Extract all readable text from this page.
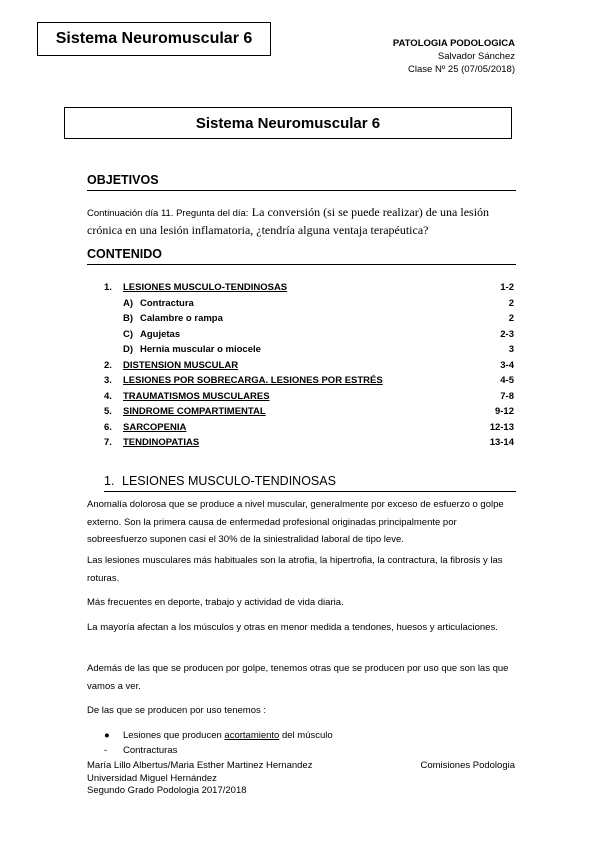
Sistema Neuromuscular 6	PATOLOGIA PODOLOGICA
Salvador Sánchez
Clase Nº 25 (07/05/2018)
Sistema Neuromuscular 6
OBJETIVOS
Continuación día 11. Pregunta del día: La conversión (si se puede realizar) de una lesión crónica en una lesión inflamatoria, ¿tendría alguna ventaja terapéutica?
CONTENIDO
1.	LESIONES MUSCULO-TENDINOSAS	1-2
A) Contractura	2
B) Calambre o rampa	2
C) Agujetas	2-3
D) Hernia muscular o miocele	3
2.	DISTENSION MUSCULAR	3-4
3.	LESIONES POR SOBRECARGA. LESIONES POR ESTRÉS	4-5
4.	TRAUMATISMOS MUSCULARES	7-8
5.	SINDROME COMPARTIMENTAL	9-12
6.	SARCOPENIA	12-13
7.	TENDINOPATIAS	13-14
1. LESIONES MUSCULO-TENDINOSAS
Anomalía dolorosa que se produce a nivel muscular, generalmente por exceso de esfuerzo o golpe externo. Son la primera causa de enfermedad profesional originadas principalmente por sobreesfuerzo suponen casi el 30% de la siniestralidad laboral de tipo leve.
Las lesiones musculares más habituales son la atrofia, la hipertrofia, la contractura, la fibrosis y las roturas.
Más frecuentes en deporte, trabajo y actividad de vida diaria.
La mayoría afectan a los músculos y otras en menor medida a tendones, huesos y articulaciones.
Además de las que se producen por golpe, tenemos otras que se producen por uso que son las que vamos a ver.
De las que se producen por uso tenemos :
● Lesiones que producen acortamiento del músculo
- Contracturas
María Lillo Albertus/Maria Esther Martinez Hernandez
Universidad Miguel Hernández
Segundo Grado Podologia 2017/2018
Comisiones Podologia
